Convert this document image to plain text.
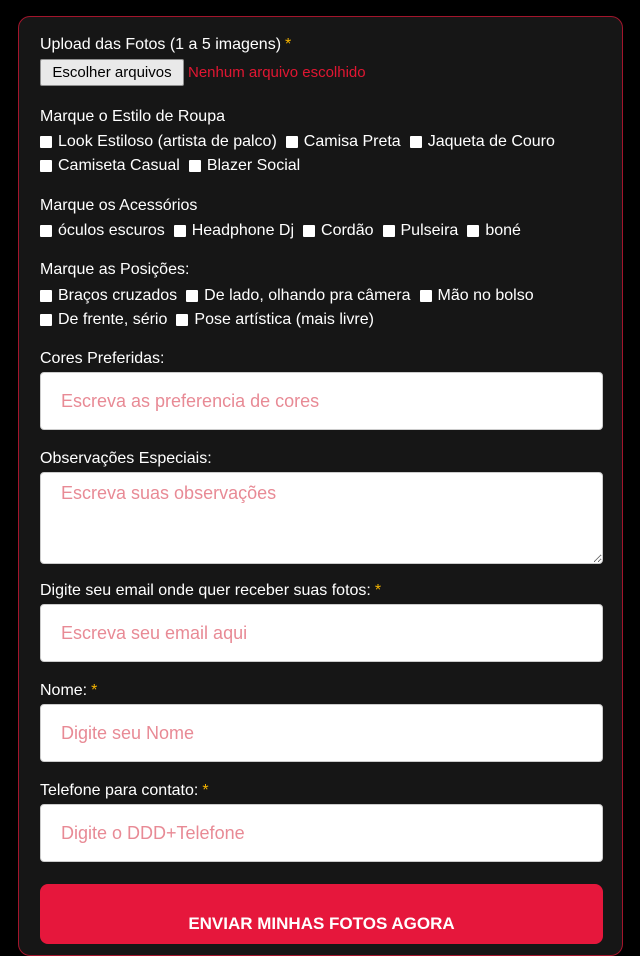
Upload das Fotos (1 a 5 imagens) *
Escolher arquivos	Nenhum arquivo escolhido
Marque o Estilo de Roupa
Look Estiloso (artista de palco) Camisa Preta Jaqueta de Couro
Camiseta Casual Blazer Social
Marque os Acessórios
óculos escuros Headphone Dj Cordão Pulseira boné
Marque as Posições:
Braços cruzados De lado, olhando pra câmera Mão no bolso
De frente, sério Pose artística (mais livre)
Cores Preferidas:
Escreva as preferencia de cores
Observações Especiais:
Escreva suas observações
Digite seu email onde quer receber suas fotos: *
Escreva seu email aqui
Nome: *
Digite seu Nome
Telefone para contato: *
Digite o DDD+Telefone
ENVIAR MINHAS FOTOS AGORA
